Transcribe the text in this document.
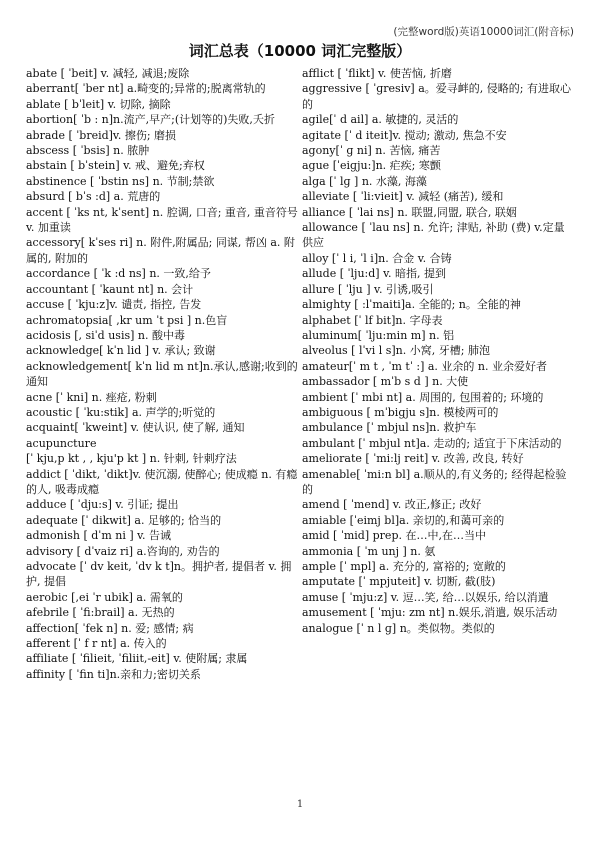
(完整word版)英语10000词汇(附音标)
词汇总表（10000 词汇完整版）

abate [ ˈbeit] v. 减轻, 减退;废除

aberrant[ ˈber nt] a.畸变的;异常的;脱离常轨的

ablate [ bˈleit] v. 切除, 摘除

abortion[ ˈb : n]n.流产,早产;(计划等的)失败,夭折

abrade [ ˈbreid]v. 擦伤; 磨损

abscess [ ˈbsis] n. 脓肿

abstain [ bˈstein] v. 戒、避免;弃权

abstinence [ ˈbstin ns] n. 节制;禁欲

absurd [ bˈs :d] a. 荒唐的

accent [ ˈks nt, kˈsent] n. 腔调, 口音; 重音, 重音符号 v. 加重读

accessory[ kˈses ri] n. 附件,附属品; 同谋, 帮凶 a. 附属的, 附加的

accordance [ ˈk :d ns] n. 一致,给予

accountant [ ˈkaunt nt] n. 会计

accuse [ ˈkju:z]v. 谴责, 指控, 告发

achromatopsia[ ,kr um ˈt psi ] n.色盲

acidosis [, siˈd usis] n. 酸中毒

acknowledge[ kˈn lid ] v. 承认; 致谢

acknowledgement[ kˈn lid m nt]n.承认,感谢;收到的通知

acne [ˈ kni] n. 痤疮, 粉刺

acoustic [ ˈku:stik] a. 声学的;听觉的

acquaint[ ˈkweint] v. 使认识, 使了解, 通知

acupuncture

[ˈ kju,p kt , , kju'p kt ] n. 针刺, 针刺疗法

addict [ ˈdikt, ˈdikt]v. 使沉溺, 使醉心; 使成瘾 n. 有瘾的人, 吸毒成瘾

adduce [ ˈdju:s] v. 引证; 提出

adequate [ˈ dikwit] a. 足够的; 恰当的

admonish [ dˈm ni ] v. 告诫

advisory [ dˈvaiz ri] a.咨询的, 劝告的

advocate [ˈ dv keit, ˈdv k t]n。拥护者, 提倡者 v. 拥护, 提倡

aerobic [,ei ˈr ubik] a. 需氧的

afebrile [ ˈfi:brail] a. 无热的

affection[ ˈfek n] n. 爱; 感情; 病

afferent [ˈ f r nt] a. 传入的

affiliate [ ˈfilieit, ˈfiliit,-eit] v. 使附属; 隶属

affinity [ ˈfin ti]n.亲和力;密切关系

afflict [ ˈflikt] v. 使苦恼, 折磨

aggressive [ ˈɡresiv] a。爱寻衅的, 侵略的; 有进取心的

agile[ˈ d ail] a. 敏捷的, 灵活的

agitate [ˈ d iteit]v. 搅动; 激动, 焦急不安

agony[ˈ ɡ ni] n. 苦恼, 痛苦

ague [ˈeiɡju:]n. 疟疾; 寒颤

alga [ˈ lɡ ] n. 水藻, 海藻

alleviate [ ˈli:vieit] v. 减轻 (痛苦), 缓和

alliance [ ˈlai ns] n. 联盟,同盟, 联合, 联姻

allowance [ ˈlau ns] n. 允许; 津贴, 补助 (费) v.定量供应

alloy [ˈ l i, ˈl i]n. 合金 v. 合铸

allude [ ˈlju:d] v. 暗指, 提到

allure [ ˈlju ] v. 引诱,吸引

almighty [ :lˈmaiti]a. 全能的; n。全能的神

alphabet [ˈ lf bit]n. 字母表

aluminum[ ˈlju:min m] n. 铝

alveolus [ lˈvi l s]n. 小窝, 牙槽; 肺泡

amateur[ˈ m t , ˈm tˈ :] a. 业余的 n. 业余爱好者

ambassador [ mˈb s d ] n. 大使

ambient [ˈ mbi nt] a. 周围的, 包围着的; 环境的

ambiguous [ mˈbiɡju s]n. 模棱两可的

ambulance [ˈ mbjul ns]n. 救护车

ambulant [ˈ mbjul nt]a. 走动的; 适宜于下床活动的

ameliorate [ ˈmi:lj reit] v. 改善, 改良, 转好

amenable[ ˈmi:n bl] a.顺从的,有义务的; 经得起检验的

amend [ ˈmend] v. 改正,修正; 改好

amiable [ˈeimj bl]a. 亲切的,和蔼可亲的

amid [ ˈmid] prep. 在…中,在…当中

ammonia [ ˈm unj ] n. 氨

ample [ˈ mpl] a. 充分的, 富裕的; 宽敞的

amputate [ˈ mpjuteit] v. 切断, 截(肢)

amuse [ ˈmju:z] v. 逗…笑, 给…以娱乐, 给以消遣

amusement [ ˈmju: zm nt] n.娱乐,消遣, 娱乐活动

analogue [ˈ n l ɡ] n。类似物。类似的

1
